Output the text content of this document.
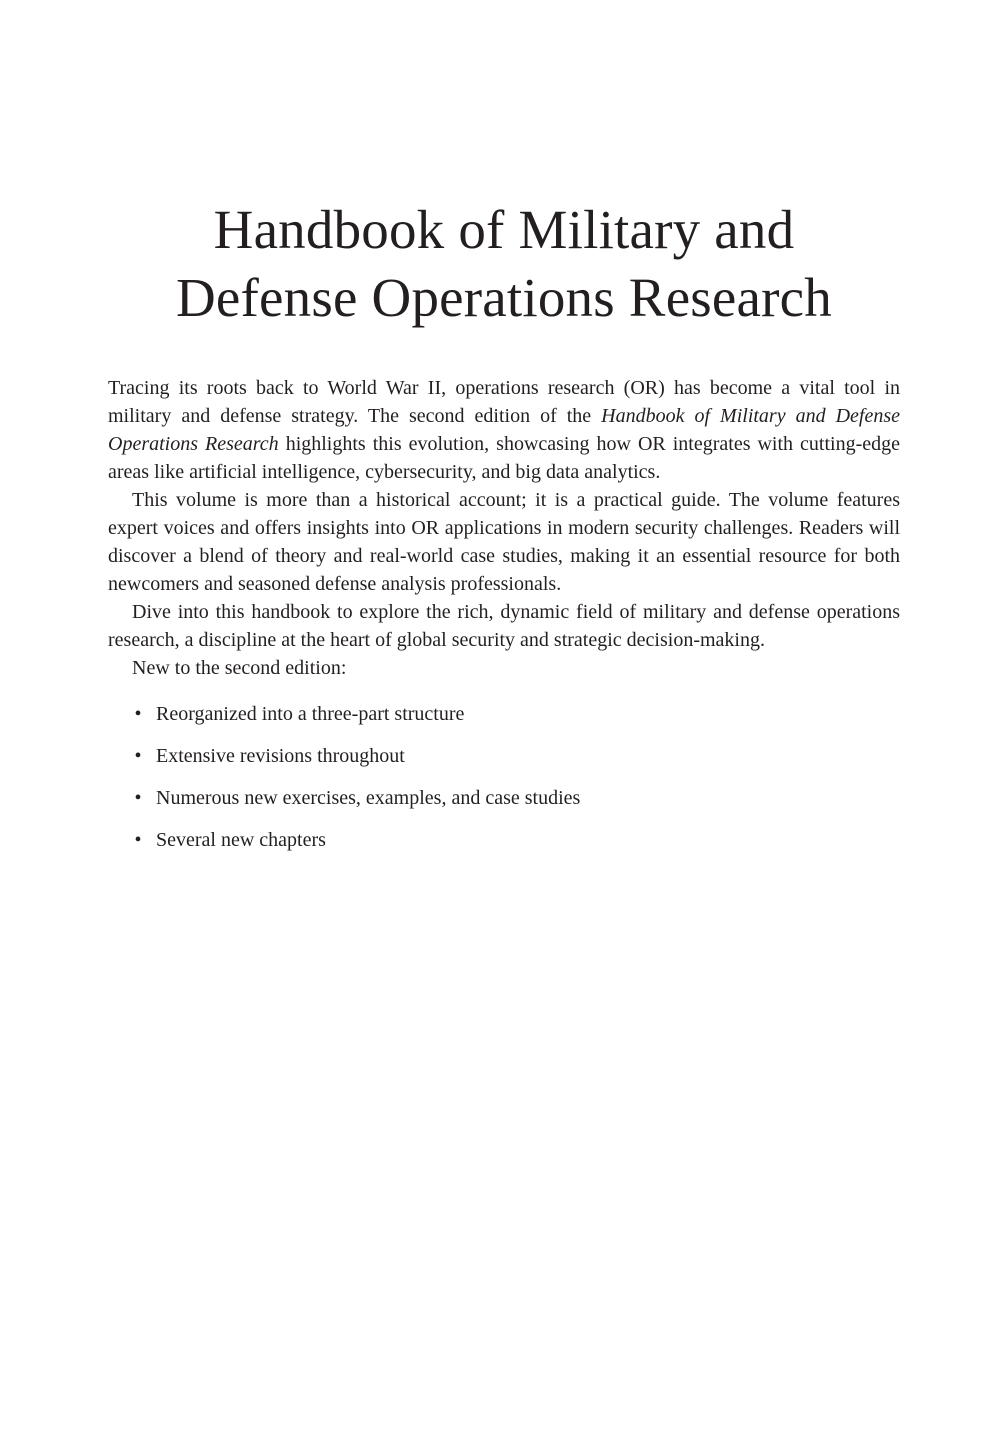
Handbook of Military and
Defense Operations Research

Tracing its roots back to World War II, operations research (OR) has become a vital tool in military and defense strategy. The second edition of the Handbook of Military and Defense Operations Research highlights this evolution, showcasing how OR integrates with cutting-edge areas like artificial intelligence, cybersecurity, and big data analytics.

This volume is more than a historical account; it is a practical guide. The volume features expert voices and offers insights into OR applications in modern security challenges. Readers will discover a blend of theory and real-world case studies, making it an essential resource for both newcomers and seasoned defense analysis professionals.

Dive into this handbook to explore the rich, dynamic field of military and defense operations research, a discipline at the heart of global security and strategic decision-making.

New to the second edition:

• Reorganized into a three-part structure
• Extensive revisions throughout
• Numerous new exercises, examples, and case studies
• Several new chapters
